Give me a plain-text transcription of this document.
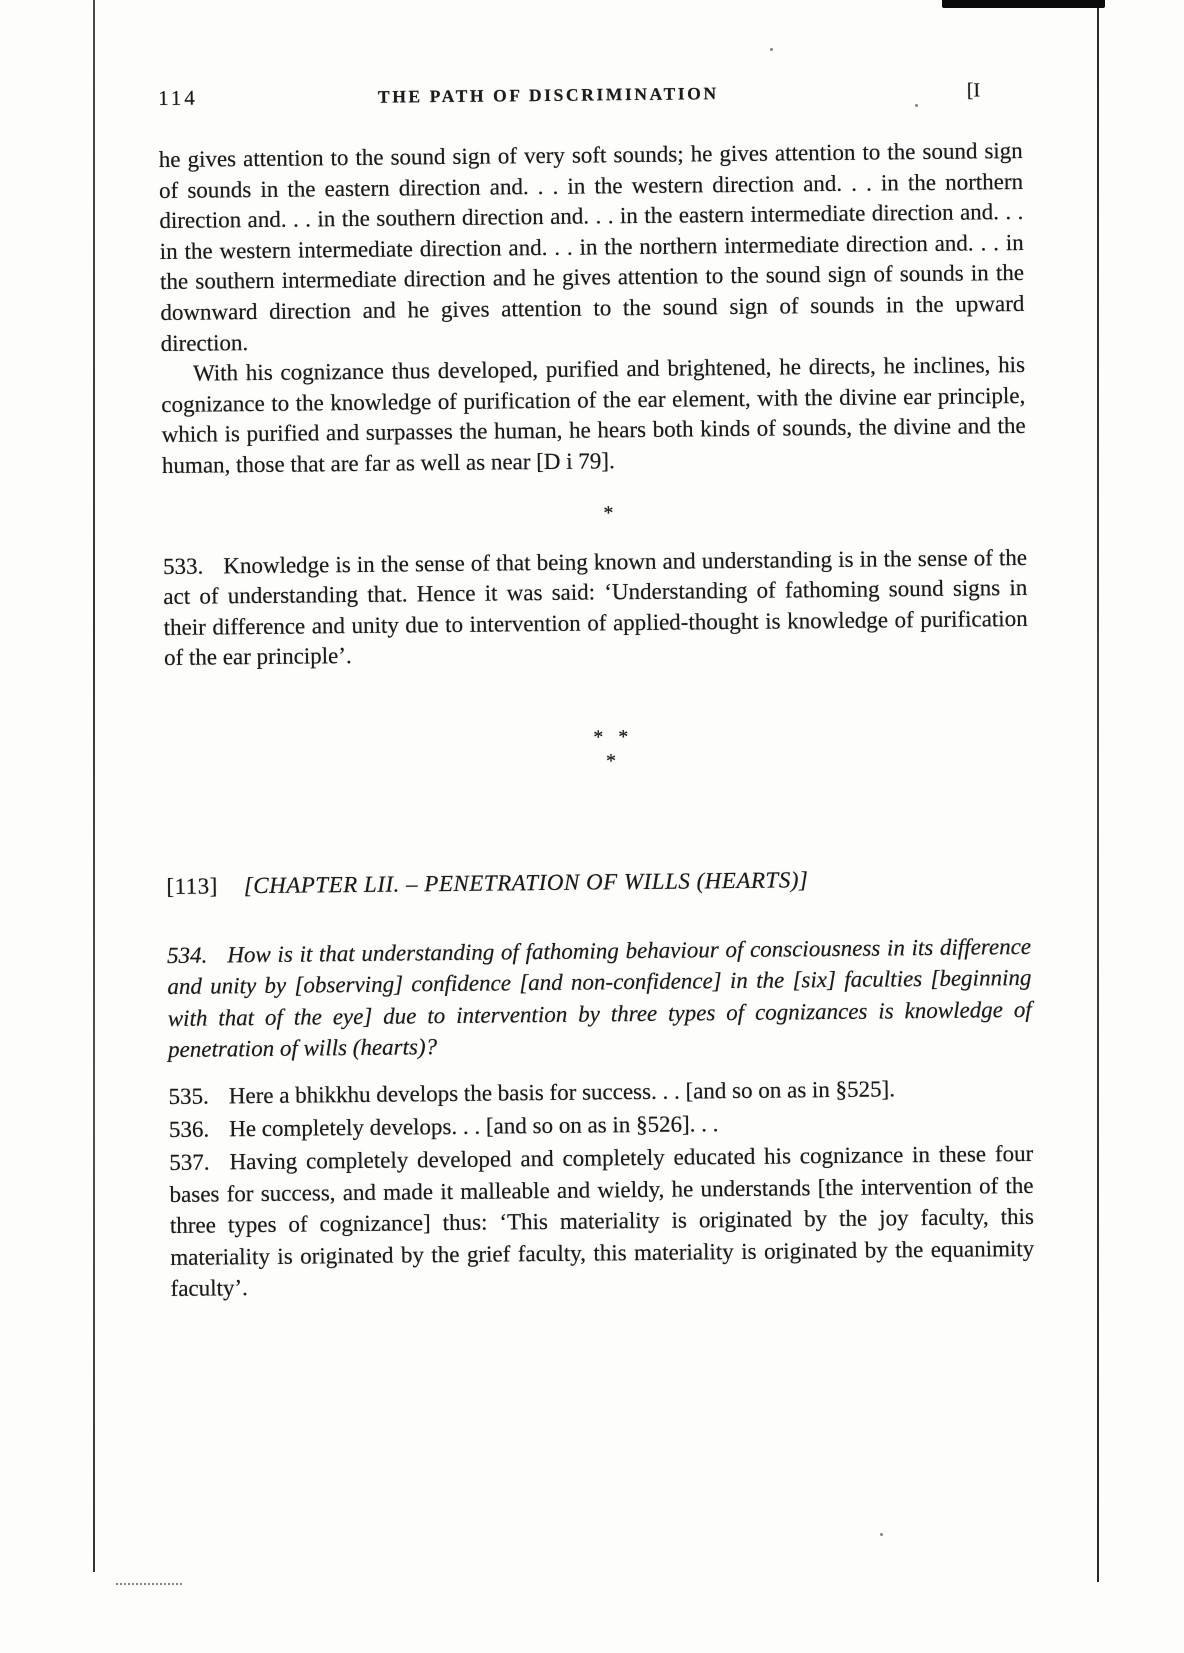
114	THE PATH OF DISCRIMINATION	[I

he gives attention to the sound sign of very soft sounds; he gives attention to the sound sign of sounds in the eastern direction and. . . in the western direction and. . . in the northern direction and. . . in the southern direction and. . . in the eastern intermediate direction and. . . in the western intermediate direction and. . . in the northern intermediate direction and. . . in the southern intermediate direction and he gives attention to the sound sign of sounds in the downward direction and he gives attention to the sound sign of sounds in the upward direction.

With his cognizance thus developed, purified and brightened, he directs, he inclines, his cognizance to the knowledge of purification of the ear element, with the divine ear principle, which is purified and surpasses the human, he hears both kinds of sounds, the divine and the human, those that are far as well as near [D i 79].

*

533. Knowledge is in the sense of that being known and understanding is in the sense of the act of understanding that. Hence it was said: ‘Understanding of fathoming sound signs in their difference and unity due to intervention of applied-thought is knowledge of purification of the ear principle’.

*   *
*
[113] [CHAPTER LII. – PENETRATION OF WILLS (HEARTS)]

534. How is it that understanding of fathoming behaviour of consciousness in its difference and unity by [observing] confidence [and non-confidence] in the [six] faculties [beginning with that of the eye] due to intervention by three types of cognizances is knowledge of penetration of wills (hearts)?

535. Here a bhikkhu develops the basis for success. . . [and so on as in §525].

536. He completely develops. . . [and so on as in §526]. . .

537. Having completely developed and completely educated his cognizance in these four bases for success, and made it malleable and wieldy, he understands [the intervention of the three types of cognizance] thus: ‘This materiality is originated by the joy faculty, this materiality is originated by the grief faculty, this materiality is originated by the equanimity faculty’.
